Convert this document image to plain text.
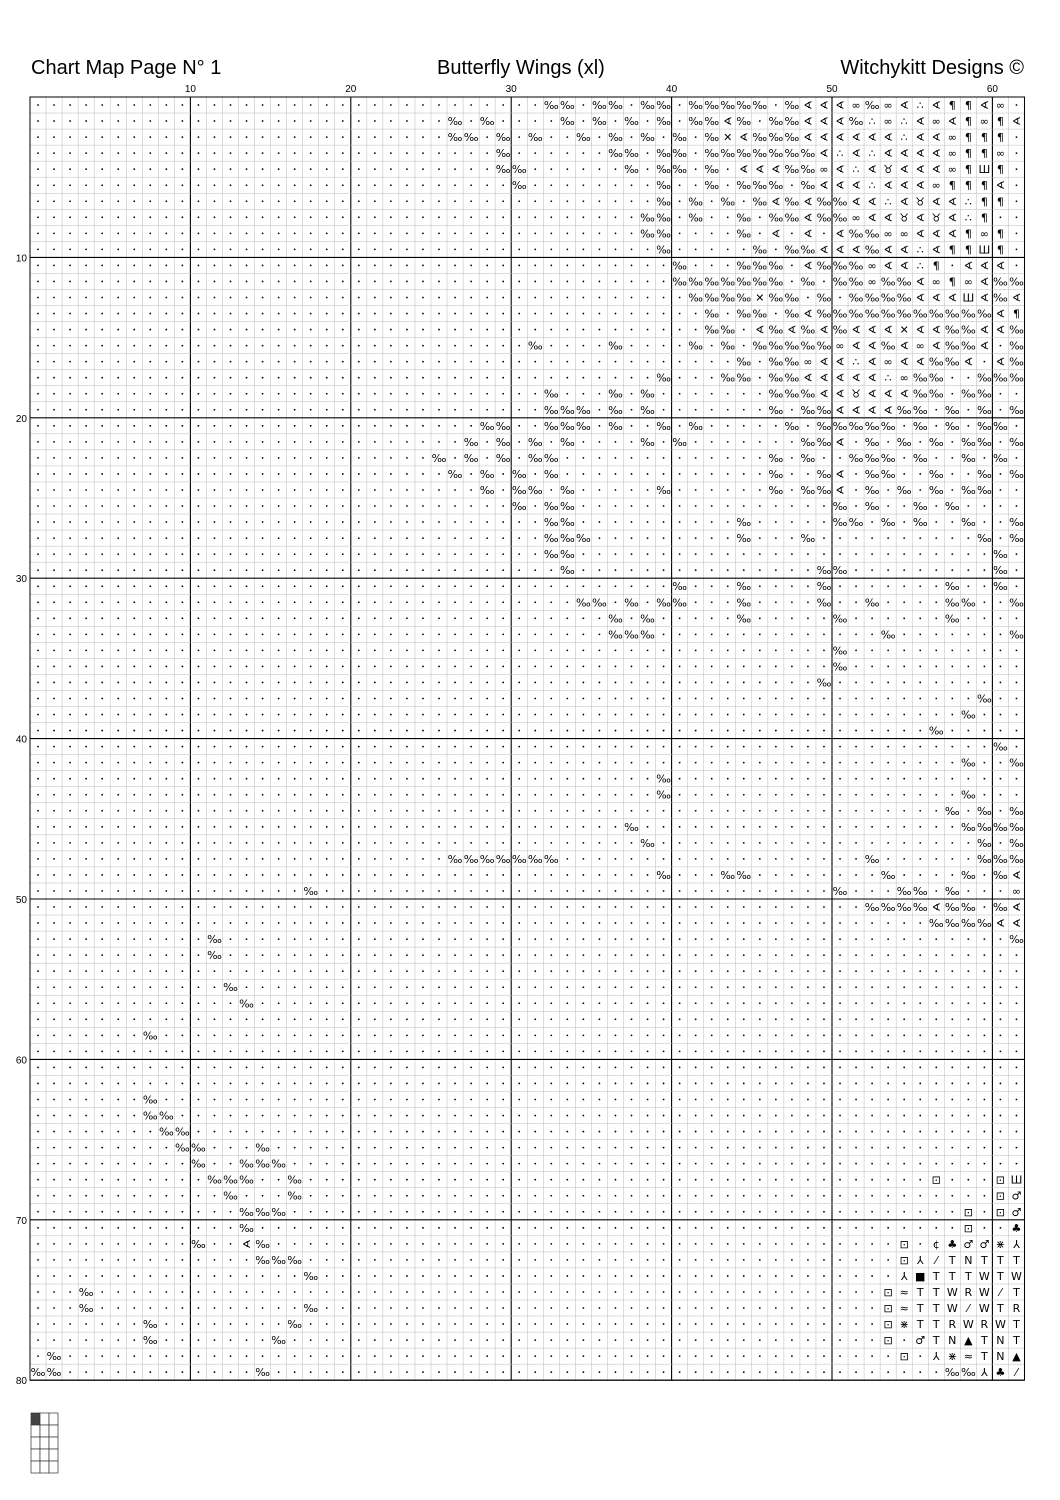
Chart Map Page N° 1	Butterfly Wings (xl)	Witchykitt Designs ©
10	20	30	40	50	60
10
20
30
40
50
60
70
80
‰ ‰ ‰ ‰ ‰ ‰ ‰ ‰ ‰ ‰ ‰ ‰ ∢ ∢ ∢ ∞ ‰ ∞ ∢ ∴ ∢ ¶ ¶ ∢ ∞
‰ ‰	‰ ‰ ‰ ‰ ‰ ‰ ∢ ‰ ‰ ‰ ∢ ∢ ∢ ‰ ∴ ∞ ∴ ∢ ∞ ∢ ¶ ∞ ¶ ∢
‰ ‰ ‰ ‰	‰ ‰ ‰ ‰ ‰ ✕ ∢ ‰ ‰ ‰ ∢ ∢ ∢ ∢ ∢ ∢ ∴ ∢ ∢ ∞ ¶ ¶ ¶
‰	‰ ‰ ‰ ‰ ‰ ‰ ‰ ‰ ‰ ‰ ‰ ∢ ∴ ∢ ∴ ∢ ∢ ∢ ∢ ∞ ¶ ¶ ∞
‰ ‰	‰ ‰ ‰ ‰ ∢ ∢ ∢ ‰ ‰ ∞ ∢ ∴ ∢ ♉ ∢ ∢ ∢ ∞ ¶ Ш ¶
‰	‰	‰ ‰ ‰ ‰ ‰ ∢ ∢ ∢ ∴ ∢ ∢ ∢ ∞ ¶ ¶ ¶ ∢
‰ ‰ ‰ ‰ ∢ ‰ ∢ ‰ ‰ ∢ ∢ ∴ ∢ ♉ ∢ ∢ ∴ ¶ ¶
‰ ‰ ‰	‰ ‰ ‰ ∢ ‰ ‰ ∞ ∢ ∢ ♉ ∢ ♉ ∢ ∴ ¶
‰ ‰	‰ ∢ ∢ ∢ ‰ ‰ ∞ ∞ ∢ ∢ ∢ ¶ ∞ ¶
‰	‰ ‰ ‰ ∢ ∢ ∢ ‰ ∢ ∢ ∴ ∢ ¶ ¶ Ш ¶
‰	‰ ‰ ‰ ∢ ‰ ‰ ‰ ∞ ∢ ∢ ∴ ¶ ∢ ∢ ∢
‰ ‰ ‰ ‰ ‰ ‰ ‰ ‰ ‰ ‰ ∞ ‰ ‰ ∢ ∞ ¶ ∞ ∢ ‰ ‰
‰ ‰ ‰ ‰ ✕ ‰ ‰ ‰ ‰ ‰ ‰ ‰ ∢ ∢ ∢ Ш ∢ ‰ ∢
‰ ‰ ‰ ‰ ∢ ‰ ‰ ‰ ‰ ‰ ‰ ‰ ‰ ‰ ‰ ‰ ∢ ¶
‰ ‰ ∢ ‰ ∢ ‰ ∢ ‰ ∢ ∢ ∢ ✕ ∢ ∢ ‰ ‰ ∢ ∢ ‰
‰	‰	‰ ‰ ‰ ‰ ‰ ‰ ‰ ∞ ∢ ∢ ‰ ∢ ∞ ∢ ‰ ‰ ∢ ‰
‰ ‰ ‰ ∞ ∢ ∢ ∴ ∢ ∞ ∢ ∢ ‰ ‰ ∢ ∢ ‰
‰	‰ ‰ ‰ ‰ ∢ ∢ ∢ ∢ ∢ ∴ ∞ ‰ ‰	‰ ‰ ‰
‰	‰ ‰	‰ ‰ ‰ ∢ ∢ ♉ ∢ ∢ ∢ ‰ ‰ ‰ ‰
‰ ‰ ‰ ‰ ‰	‰ ‰ ‰ ∢ ∢ ∢ ∢ ‰ ‰ ‰ ‰ ‰
‰ ‰	‰ ‰ ‰ ‰	‰ ‰	‰ ‰ ‰ ‰ ‰ ‰ ‰ ‰ ‰ ‰
‰ ‰ ‰ ‰	‰ ‰	‰ ‰ ∢ ‰ ‰ ‰ ‰ ‰ ‰
‰ ‰ ‰ ‰ ‰	‰ ‰	‰ ‰ ‰ ‰	‰ ‰
‰ ‰ ‰ ‰	‰	‰ ∢ ‰ ‰	‰	‰ ‰
‰ ‰ ‰ ‰	‰	‰ ‰ ‰ ∢ ‰ ‰ ‰ ‰ ‰
‰ ‰ ‰	‰ ‰	‰ ‰
‰ ‰	‰	‰ ‰ ‰ ‰	‰	‰
‰ ‰ ‰	‰	‰	‰ ‰
‰ ‰	‰
‰	‰ ‰	‰
‰	‰	‰	‰	‰
‰ ‰ ‰ ‰ ‰	‰	‰	‰	‰ ‰	‰
‰ ‰	‰	‰	‰
‰ ‰ ‰	‰	‰
‰
‰
‰
‰
‰
‰
‰
‰	‰
‰
‰	‰
‰ ‰ ‰
‰	‰ ‰ ‰ ‰
‰	‰ ‰
‰ ‰ ‰ ‰ ‰ ‰ ‰	‰	‰ ‰ ‰
‰	‰ ‰	‰	‰ ‰ ∢
‰	‰	‰ ‰ ‰	∞
‰ ‰ ‰ ‰ ∢ ‰ ‰ ‰ ∢
‰ ‰ ‰ ‰ ∢ ∢
‰	‰
‰
‰
‰
‰
‰
‰ ‰
‰ ‰
‰ ‰	‰
‰	‰ ‰ ‰
‰ ‰ ‰	‰	⊡	⊡ Ш
‰	‰	⊡ ♂
‰ ‰ ‰	⊡ ⊡ ♂
‰	⊡	♣
‰	∢ ‰	⊡ ¢ ♣ ♂ ♂ ⋇ ⅄
‰ ‰ ‰	⊡ ⅄ ⁄ T N T T T
‰	⅄ ■ T T T W T W
‰	⊡ ≈ T T W R W ⁄ T
‰	‰	⊡ ≈ T T W ⁄ W T R
‰	‰	⊡ ⋇ T T R W R W T
‰	‰	⊡ ♂ T N ▲ T N T
‰	⊡ ⅄ ⋇ ≈ T N ▲
‰ ‰	‰	‰ ‰ ⅄ ♣ ⁄
